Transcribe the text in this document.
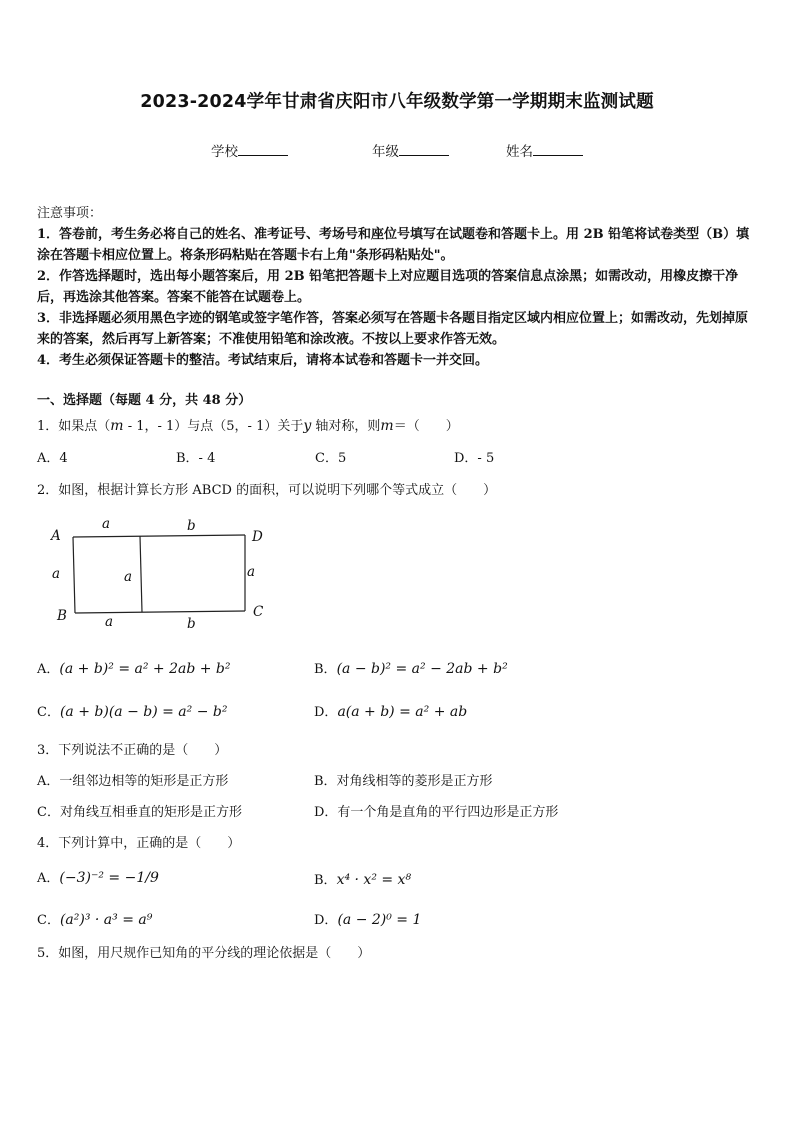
2023-2024学年甘肃省庆阳市八年级数学第一学期期末监测试题
学校	年级	姓名

注意事项：

1．答卷前，考生务必将自己的姓名、准考证号、考场号和座位号填写在试题卷和答题卡上。用 2B 铅笔将试卷类型（B）填涂在答题卡相应位置上。将条形码粘贴在答题卡右上角"条形码粘贴处"。

2．作答选择题时，选出每小题答案后，用 2B 铅笔把答题卡上对应题目选项的答案信息点涂黑；如需改动，用橡皮擦干净后，再选涂其他答案。答案不能答在试题卷上。

3．非选择题必须用黑色字迹的钢笔或签字笔作答，答案必须写在答题卡各题目指定区域内相应位置上；如需改动，先划掉原来的答案，然后再写上新答案；不准使用铅笔和涂改液。不按以上要求作答无效。

4．考生必须保证答题卡的整洁。考试结束后，请将本试卷和答题卡一并交回。

一、选择题（每题 4 分，共 48 分）
1．如果点（m - 1，- 1）与点（5，- 1）关于y 轴对称，则m＝（　　）
A．4	B．- 4	C．5	D．- 5
2．如图，根据计算长方形 ABCD 的面积，可以说明下列哪个等式成立（　　）
A
B	C
D
a	b
a	b
a	a	a
A．(a + b)² = a² + 2ab + b²	B．(a − b)² = a² − 2ab + b²
C．(a + b)(a − b) = a² − b²	D．a(a + b) = a² + ab
3．下列说法不正确的是（　　）
A．一组邻边相等的矩形是正方形	B．对角线相等的菱形是正方形
C．对角线互相垂直的矩形是正方形	D．有一个角是直角的平行四边形是正方形
4．下列计算中，正确的是（　　）
A．(−3)⁻² = −1/9	B．x⁴ · x² = x⁸
C．(a²)³ · a³ = a⁹	D．(a − 2)⁰ = 1
5．如图，用尺规作已知角的平分线的理论依据是（　　）
